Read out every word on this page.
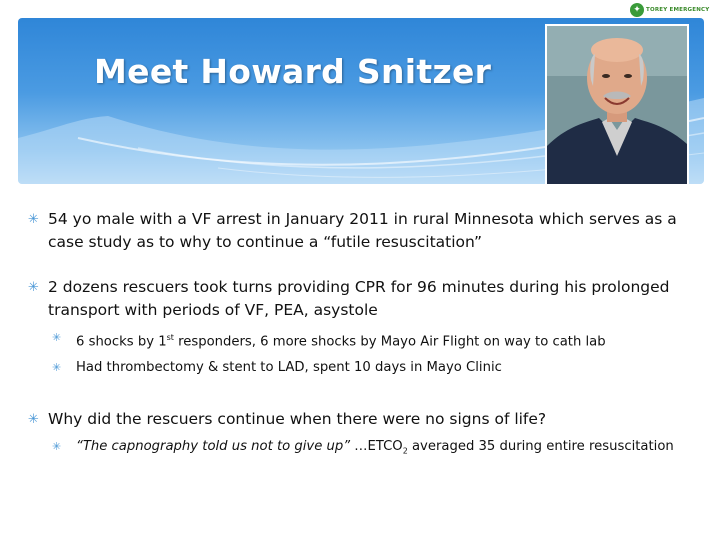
✦ TOREY EMERGENCY
Meet Howard Snitzer
✳ 54 yo male with a VF arrest in January 2011 in rural Minnesota which serves as a case study as to why to continue a “futile resuscitation”
✳ 2 dozens rescuers took turns providing CPR for 96 minutes during his prolonged transport with periods of VF, PEA, asystole
✳ 6 shocks by 1st responders, 6 more shocks by Mayo Air Flight on way to cath lab
✳ Had thrombectomy & stent to LAD, spent 10 days in Mayo Clinic
✳ Why did the rescuers continue when there were no signs of life?
✳ “The capnography told us not to give up” $\dots ETCO_2$ averaged 35 during entire resuscitation
